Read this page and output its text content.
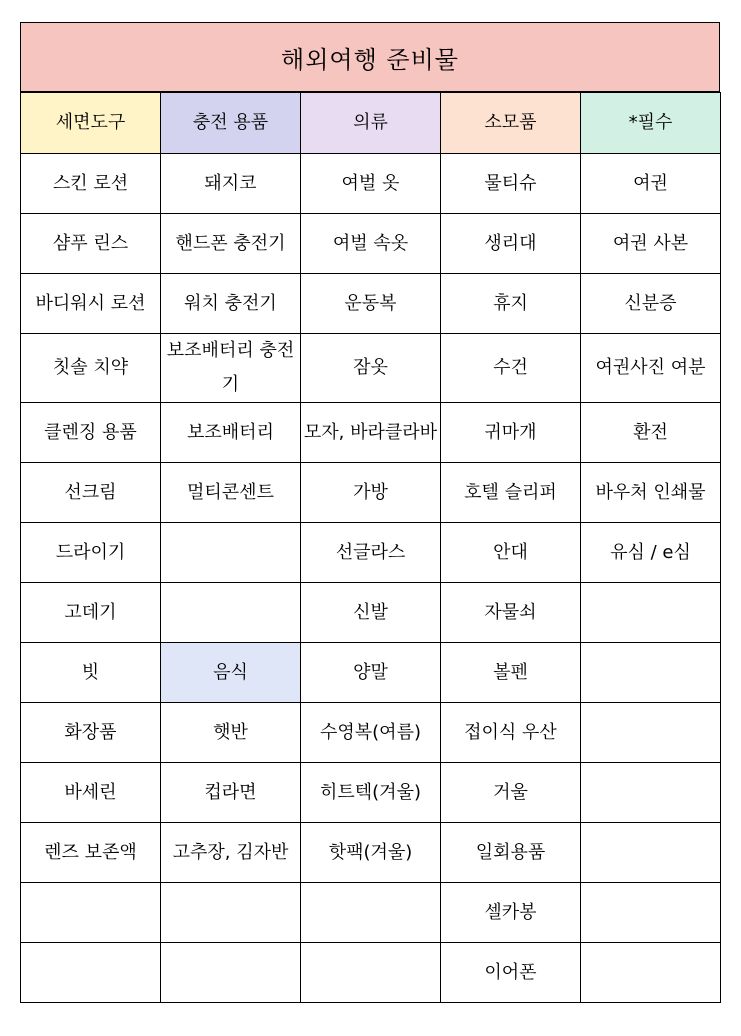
해외여행 준비물
세면도구	충전 용품	의류	소모품	*필수
스킨 로션	돼지코	여벌 옷	물티슈	여권
샴푸 린스	핸드폰 충전기	여벌 속옷	생리대	여권 사본
바디워시 로션	워치 충전기	운동복	휴지	신분증
칫솔 치약	보조배터리 충전기	잠옷	수건	여권사진 여분
클렌징 용품	보조배터리	모자, 바라클라바	귀마개	환전
선크림	멀티콘센트	가방	호텔 슬리퍼	바우처 인쇄물
드라이기		선글라스	안대	유심 / e심
고데기		신발	자물쇠	
빗	음식	양말	볼펜	
화장품	햇반	수영복(여름)	접이식 우산	
바세린	컵라면	히트텍(겨울)	거울	
렌즈 보존액	고추장, 김자반	핫팩(겨울)	일회용품	
			셀카봉	
			이어폰	
